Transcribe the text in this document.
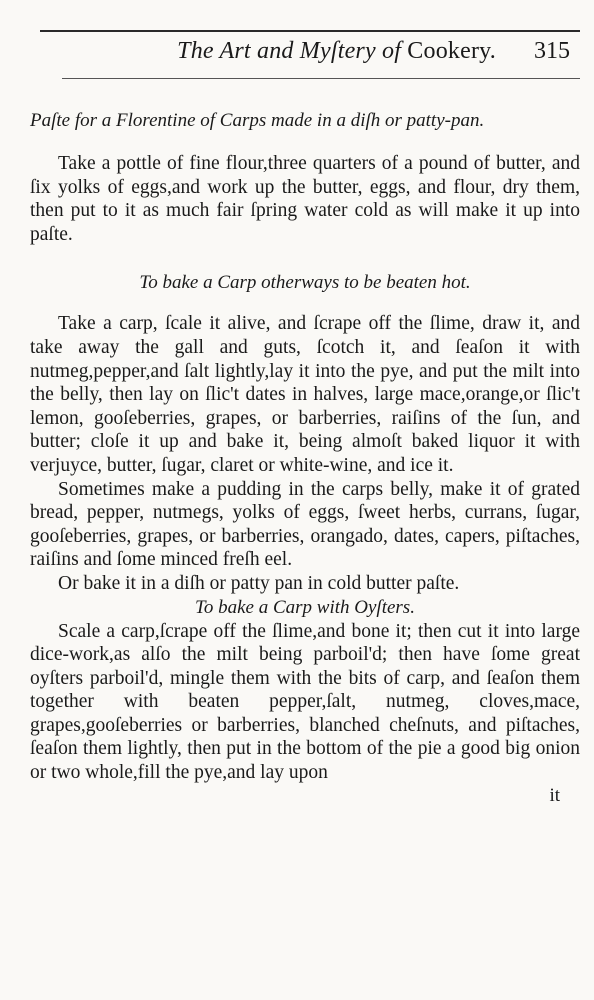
The Art and Myſtery of Cookery. 315
Paſte for a Florentine of Carps made in a diſh or patty-pan.

Take a pottle of fine flour,three quarters of a pound of butter, and ſix yolks of eggs,and work up the butter, eggs, and flour, dry them, then put to it as much fair ſpring water cold as will make it up into paſte.

To bake a Carp otherways to be beaten hot.

Take a carp, ſcale it alive, and ſcrape off the ſlime, draw it, and take away the gall and guts, ſcotch it, and ſeaſon it with nutmeg,pepper,and ſalt lightly,lay it into the pye, and put the milt into the belly, then lay on ſlic't dates in halves, large mace,orange,or ſlic't lemon, gooſeberries, grapes, or barberries, raiſins of the ſun, and butter; cloſe it up and bake it, being almoſt baked liquor it with verjuyce, butter, ſugar, claret or white-wine, and ice it.

Sometimes make a pudding in the carps belly, make it of grated bread, pepper, nutmegs, yolks of eggs, ſweet herbs, currans, ſugar, gooſeberries, grapes, or barberries, orangado, dates, capers, piſtaches, raiſins and ſome minced freſh eel.

Or bake it in a diſh or patty pan in cold butter paſte.

To bake a Carp with Oyſters.

Scale a carp,ſcrape off the ſlime,and bone it; then cut it into large dice-work,as alſo the milt being parboil'd; then have ſome great oyſters parboil'd, mingle them with the bits of carp, and ſeaſon them together with beaten pepper,ſalt, nutmeg, cloves,mace, grapes,gooſeberries or barberries, blanched cheſnuts, and piſtaches, ſeaſon them lightly, then put in the bottom of the pie a good big onion or two whole,fill the pye,and lay upon

it
